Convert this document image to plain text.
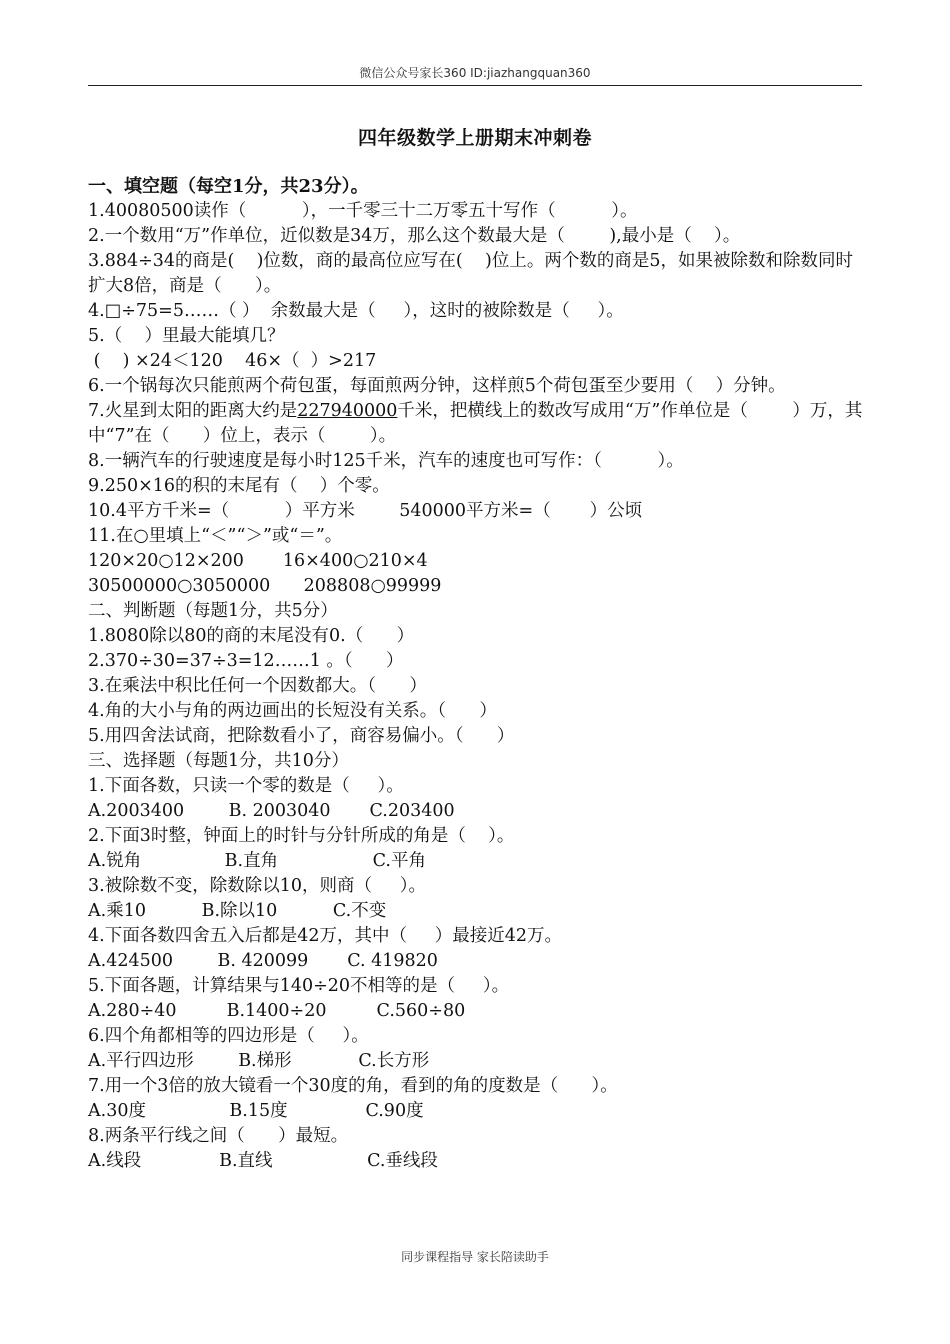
微信公众号家长360 ID:jiazhangquan360
四年级数学上册期末冲刺卷
一、填空题（每空1分，共23分）。
1.40080500读作（          ），一千零三十二万零五十写作（          ）。
2.一个数用“万”作单位，近似数是34万，那么这个数最大是（        ),最小是（    ）。
3.884÷34的商是(    )位数，商的最高位应写在(    )位上。两个数的商是5，如果被除数和除数同时扩大8倍，商是（      ）。
4.□÷75=5……（ ）  余数最大是（     ），这时的被除数是（     ）。
5.（    ）里最大能填几？
(    ) ×24＜120    46×（  ）>217
6.一个锅每次只能煎两个荷包蛋，每面煎两分钟，这样煎5个荷包蛋至少要用（    ）分钟。
7.火星到太阳的距离大约是227940000千米，把横线上的数改写成用“万”作单位是（        ）万，其中“7”在（      ）位上，表示（        ）。
8.一辆汽车的行驶速度是每小时125千米，汽车的速度也可写作：（          ）。
9.250×16的积的末尾有（    ）个零。
10.4平方千米=（          ）平方米        540000平方米=（       ）公顷
11.在○里填上“＜”“＞”或“＝”。
120×20○12×200       16×400○210×4
30500000○3050000      208808○99999
二、判断题（每题1分，共5分）
1.8080除以80的商的末尾没有0.（      ）
2.370÷30=37÷3=12……1 。（      ）
3.在乘法中积比任何一个因数都大。（      ）
4.角的大小与角的两边画出的长短没有关系。（      ）
5.用四舍法试商，把除数看小了，商容易偏小。（      ）
三、选择题（每题1分，共10分）
1.下面各数，只读一个零的数是（     ）。
A.2003400        B. 2003040       C.203400
2.下面3时整，钟面上的时针与分针所成的角是（    ）。
A.锐角               B.直角                 C.平角
3.被除数不变，除数除以10，则商（     ）。
A.乘10          B.除以10          C.不变
4.下面各数四舍五入后都是42万，其中（     ）最接近42万。
A.424500        B. 420099       C. 419820
5.下面各题，计算结果与140÷20不相等的是（     ）。
A.280÷40         B.1400÷20         C.560÷80
6.四个角都相等的四边形是（     ）。
A.平行四边形        B.梯形            C.长方形
7.用一个3倍的放大镜看一个30度的角，看到的角的度数是（      ）。
A.30度               B.15度              C.90度
8.两条平行线之间（      ）最短。
A.线段              B.直线                 C.垂线段
同步课程指导 家长陪读助手
